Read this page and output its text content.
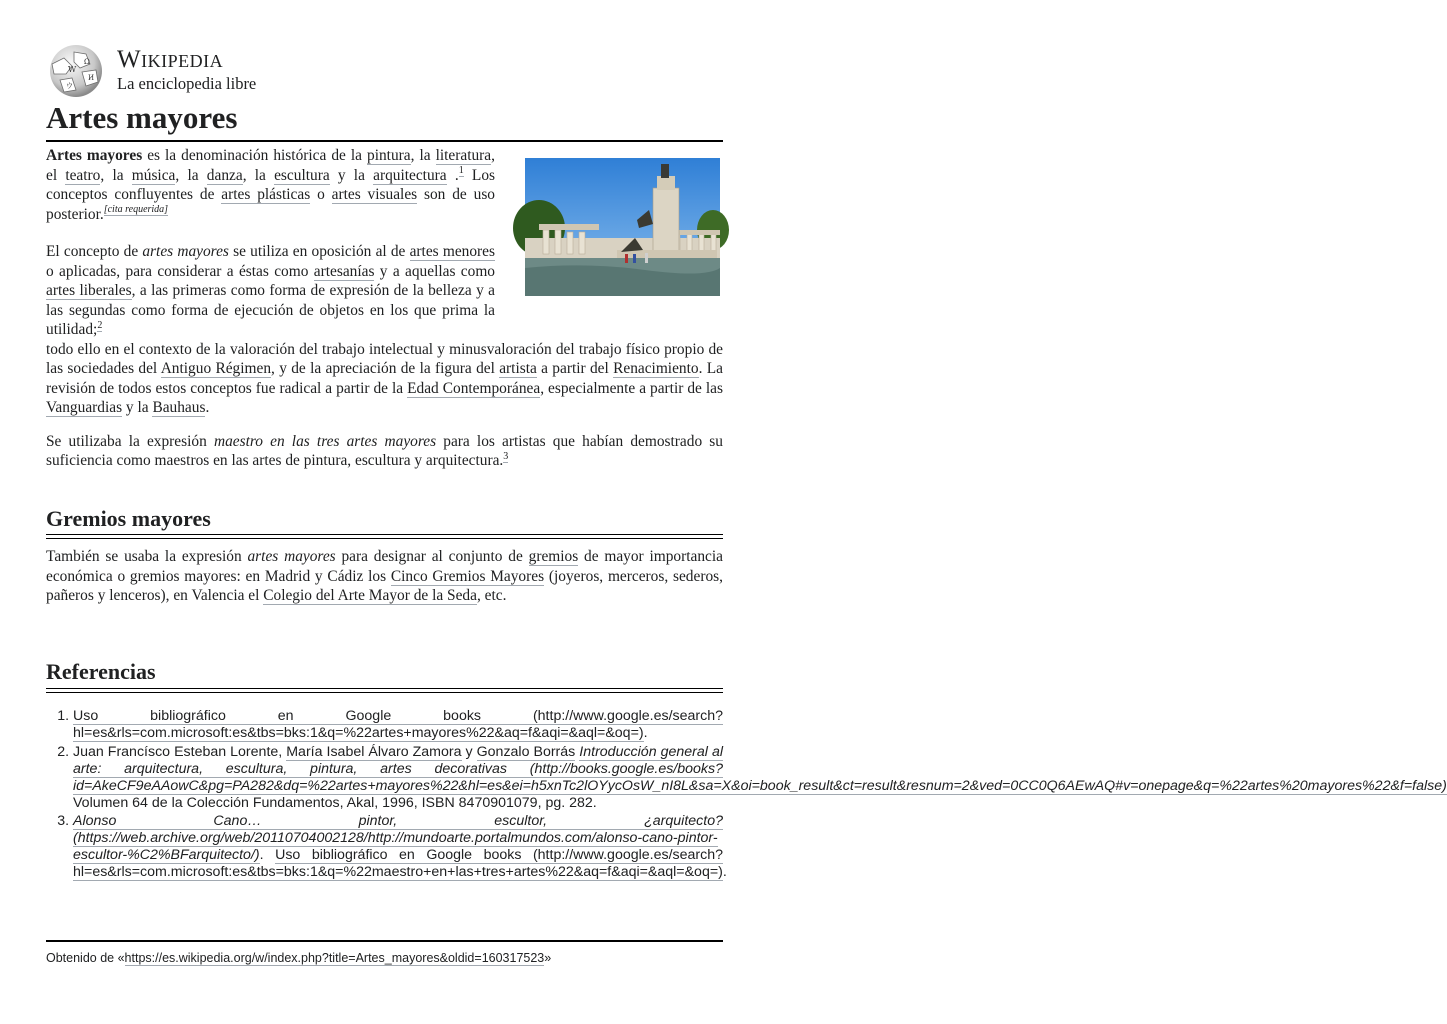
W
Ω
И
ウ
Wikipedia
La enciclopedia libre
Artes mayores

Artes mayores es la denominación histórica de la pintura, la literatura, el teatro, la música, la danza, la escultura y la arquitectura .$^1$ Los conceptos confluyentes de artes plásticas o artes visuales son de uso posterior.[cita requerida]

El concepto de artes mayores se utiliza en oposición al de artes menores o aplicadas, para considerar a éstas como artesanías y a aquellas como artes liberales, a las primeras como forma de expresión de la belleza y a las segundas como forma de ejecución de objetos en los que prima la utilidad;$^2$

todo ello en el contexto de la valoración del trabajo intelectual y minusvaloración del trabajo físico propio de las sociedades del Antiguo Régimen, y de la apreciación de la figura del artista a partir del Renacimiento. La revisión de todos estos conceptos fue radical a partir de la Edad Contemporánea, especialmente a partir de las Vanguardias y la Bauhaus.

Se utilizaba la expresión maestro en las tres artes mayores para los artistas que habían demostrado su suficiencia como maestros en las artes de pintura, escultura y arquitectura.$^3$

Gremios mayores

También se usaba la expresión artes mayores para designar al conjunto de gremios de mayor importancia económica o gremios mayores: en Madrid y Cádiz los Cinco Gremios Mayores (joyeros, merceros, sederos, pañeros y lenceros), en Valencia el Colegio del Arte Mayor de la Seda, etc.

Referencias
1. Uso bibliográfico en Google books (http://www.google.es/search?hl=es&rls=com.microsoft:es&tbs=bks:1&q=%22artes+mayores%22&aq=f&aqi=&aql=&oq=).
2. Juan Francísco Esteban Lorente, María Isabel Álvaro Zamora y Gonzalo Borrás Introducción general al arte: arquitectura, escultura, pintura, artes decorativas (http://books.google.es/books?id=AkeCF9eAAowC&pg=PA282&dq=%22artes+mayores%22&hl=es&ei=h5xnTc2lOYycOsW_nI8L&sa=X&oi=book_result&ct=result&resnum=2&ved=0CC0Q6AEwAQ#v=onepage&q=%22artes%20mayores%22&f=false) Volumen 64 de la Colección Fundamentos, Akal, 1996, ISBN 8470901079, pg. 282.
3. Alonso Cano… pintor, escultor, ¿arquitecto? (https://web.archive.org/web/20110704002128/http://mundoarte.portalmundos.com/alonso-cano-pintor-escultor-%C2%BFarquitecto/). Uso bibliográfico en Google books (http://www.google.es/search?hl=es&rls=com.microsoft:es&tbs=bks:1&q=%22maestro+en+las+tres+artes%22&aq=f&aqi=&aql=&oq=).
Obtenido de «https://es.wikipedia.org/w/index.php?title=Artes_mayores&oldid=160317523»
